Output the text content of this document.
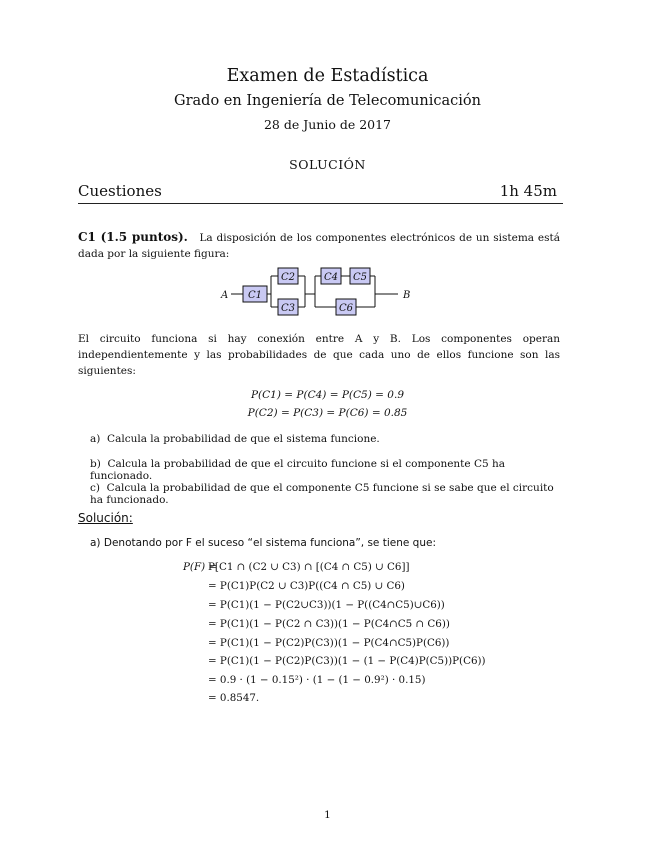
Examen de Estadística
Grado en Ingeniería de Telecomunicación
28 de Junio de 2017
SOLUCIÓN
Cuestiones	1h 45m
C1 (1.5 puntos). La disposición de los componentes electrónicos de un sistema está dada por la siguiente figura:
A	B
C1
C2
C3
C4 C5
C6
El circuito funciona si hay conexión entre A y B. Los componentes operan independientemente y las probabilidades de que cada uno de ellos funcione son las siguientes:
P(C1) = P(C4) = P(C5) = 0.9
P(C2) = P(C3) = P(C6) = 0.85
a) Calcula la probabilidad de que el sistema funcione.
b) Calcula la probabilidad de que el circuito funcione si el componente C5 ha funcionado.
c) Calcula la probabilidad de que el componente C5 funcione si se sabe que el circuito ha funcionado.
Solución:
a) Denotando por F el suceso “el sistema funciona”, se tiene que:
P(F) =
P[C1 ∩ (C2 ∪ C3) ∩ [(C4 ∩ C5) ∪ C6]]
= P(C1)P(C2 ∪ C3)P((C4 ∩ C5) ∪ C6)
= P(C1)(1 − P(C2∪C3))(1 − P((C4∩C5)∪C6))
= P(C1)(1 − P(C2 ∩ C3))(1 − P(C4∩C5 ∩ C6))
= P(C1)(1 − P(C2)P(C3))(1 − P(C4∩C5)P(C6))
= P(C1)(1 − P(C2)P(C3))(1 − (1 − P(C4)P(C5))P(C6))
= 0.9 · (1 − 0.15²) · (1 − (1 − 0.9²) · 0.15)
= 0.8547.
1
